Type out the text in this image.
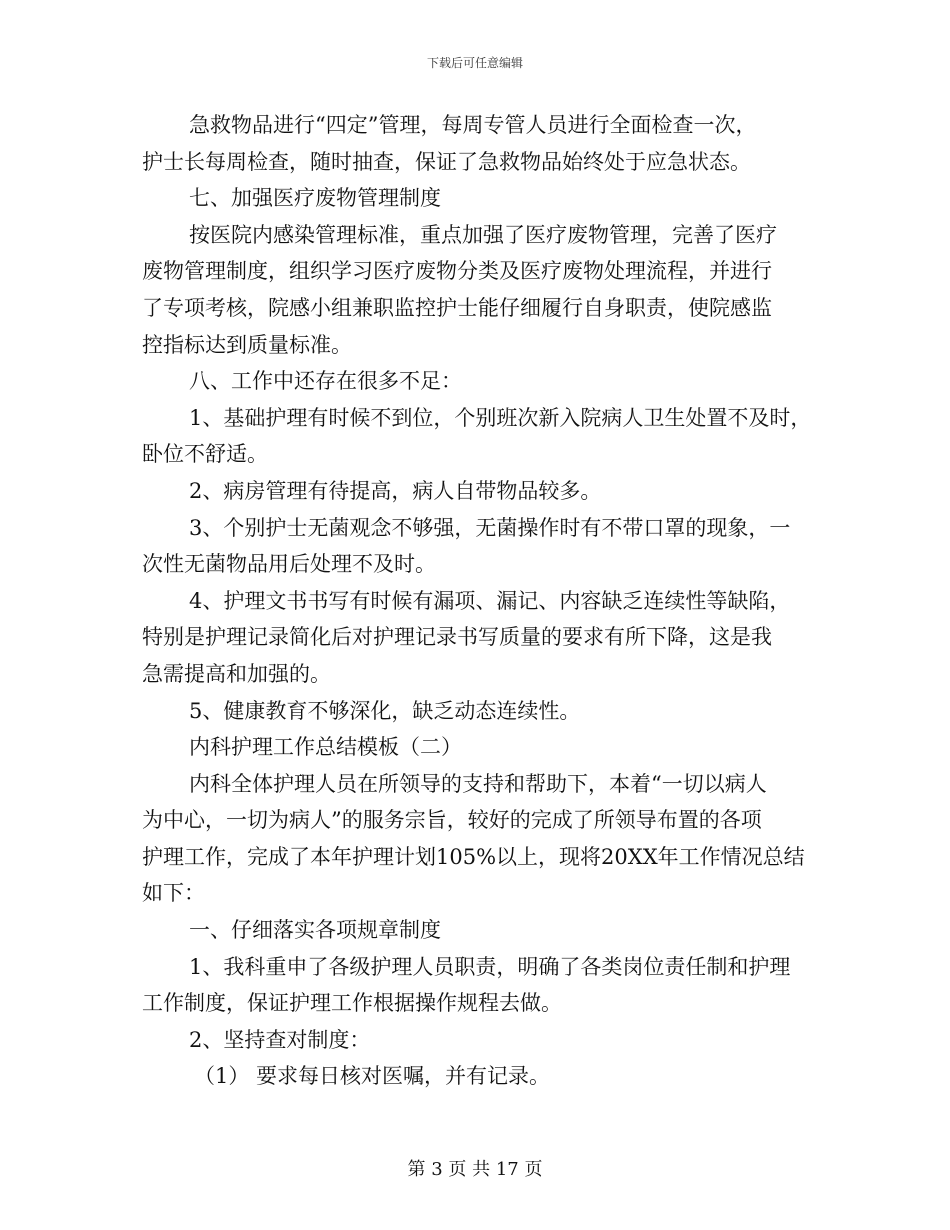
下载后可任意编辑
急救物品进行“四定”管理，每周专管人员进行全面检查一次，
护士长每周检查，随时抽查，保证了急救物品始终处于应急状态。
七、加强医疗废物管理制度
按医院内感染管理标准，重点加强了医疗废物管理，完善了医疗
废物管理制度，组织学习医疗废物分类及医疗废物处理流程，并进行
了专项考核，院感小组兼职监控护士能仔细履行自身职责，使院感监
控指标达到质量标准。
八、工作中还存在很多不足：
1、基础护理有时候不到位，个别班次新入院病人卫生处置不及时，
卧位不舒适。
2、病房管理有待提高，病人自带物品较多。
3、个别护士无菌观念不够强，无菌操作时有不带口罩的现象，一
次性无菌物品用后处理不及时。
4、护理文书书写有时候有漏项、漏记、内容缺乏连续性等缺陷，
特别是护理记录简化后对护理记录书写质量的要求有所下降，这是我
急需提高和加强的。
5、健康教育不够深化，缺乏动态连续性。
内科护理工作总结模板（二）
内科全体护理人员在所领导的支持和帮助下，本着“一切以病人
为中心，一切为病人”的服务宗旨，较好的完成了所领导布置的各项
护理工作，完成了本年护理计划105%以上，现将20XX年工作情况总结
如下：
一、仔细落实各项规章制度
1、我科重申了各级护理人员职责，明确了各类岗位责任制和护理
工作制度，保证护理工作根据操作规程去做。
2、坚持查对制度：
（1） 要求每日核对医嘱，并有记录。
第 3 页 共 17 页
